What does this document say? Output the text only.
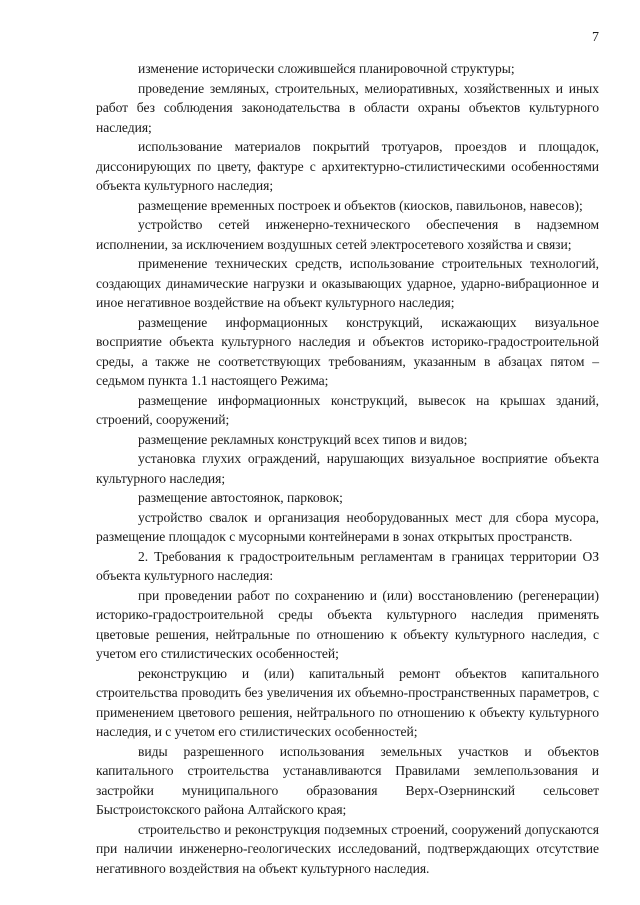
7

изменение исторически сложившейся планировочной структуры;

проведение земляных, строительных, мелиоративных, хозяйственных и иных работ без соблюдения законодательства в области охраны объектов культурного наследия;

использование материалов покрытий тротуаров, проездов и площадок, диссонирующих по цвету, фактуре с архитектурно-стилистическими особенностями объекта культурного наследия;

размещение временных построек и объектов (киосков, павильонов, навесов);

устройство сетей инженерно-технического обеспечения в надземном исполнении, за исключением воздушных сетей электросетевого хозяйства и связи;

применение технических средств, использование строительных технологий, создающих динамические нагрузки и оказывающих ударное, ударно-вибрационное и иное негативное воздействие на объект культурного наследия;

размещение информационных конструкций, искажающих визуальное восприятие объекта культурного наследия и объектов историко-градостроительной среды, а также не соответствующих требованиям, указанным в абзацах пятом – седьмом пункта 1.1 настоящего Режима;

размещение информационных конструкций, вывесок на крышах зданий, строений, сооружений;

размещение рекламных конструкций всех типов и видов;

установка глухих ограждений, нарушающих визуальное восприятие объекта культурного наследия;

размещение автостоянок, парковок;

устройство свалок и организация необорудованных мест для сбора мусора, размещение площадок с мусорными контейнерами в зонах открытых пространств.

2. Требования к градостроительным регламентам в границах территории ОЗ объекта культурного наследия:

при проведении работ по сохранению и (или) восстановлению (регенерации) историко-градостроительной среды объекта культурного наследия применять цветовые решения, нейтральные по отношению к объекту культурного наследия, с учетом его стилистических особенностей;

реконструкцию и (или) капитальный ремонт объектов капитального строительства проводить без увеличения их объемно-пространственных параметров, с применением цветового решения, нейтрального по отношению к объекту культурного наследия, и с учетом его стилистических особенностей;

виды разрешенного использования земельных участков и объектов капитального строительства устанавливаются Правилами землепользования и застройки муниципального образования Верх-Озернинский сельсовет Быстроистокского района Алтайского края;

строительство и реконструкция подземных строений, сооружений допускаются при наличии инженерно-геологических исследований, подтверждающих отсутствие негативного воздействия на объект культурного наследия.
